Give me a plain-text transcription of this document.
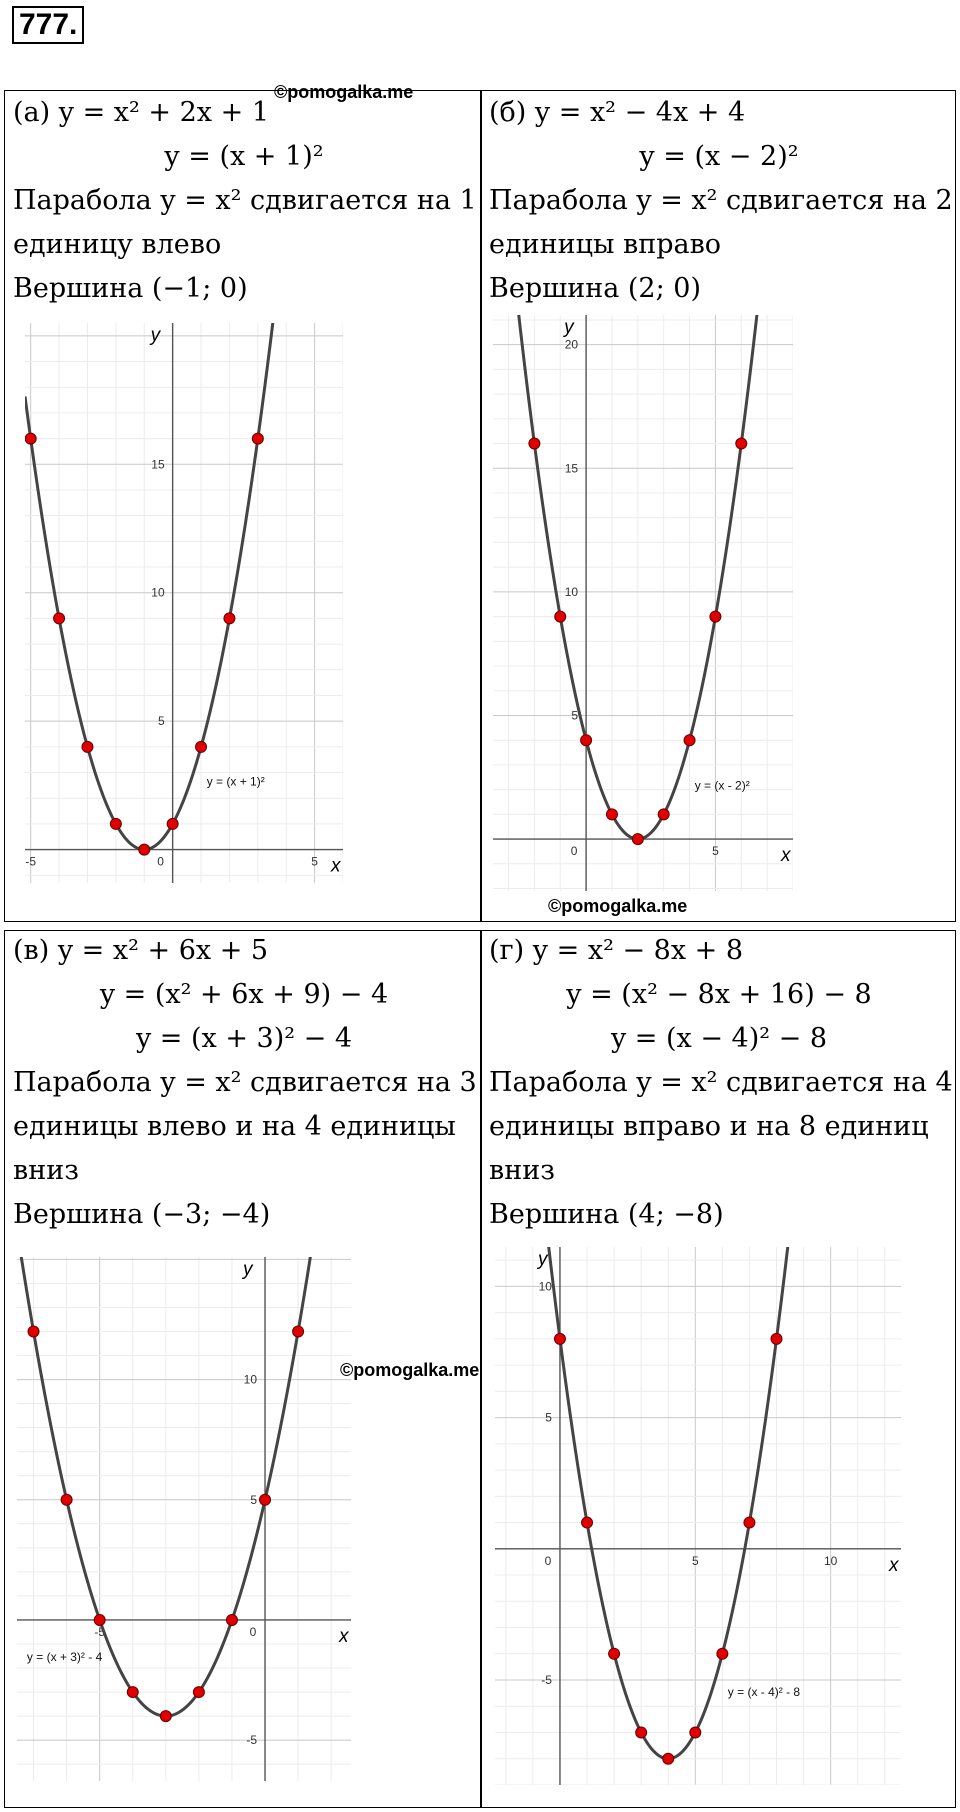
777.
(а) y = x² + 2x + 1
y = (x + 1)²
Парабола y = x² сдвигается на 1
единицу влево
Вершина (−1; 0)
-5	0	5
5
10
15
x
y
y = (x + 1)²
(б) y = x² − 4x + 4
y = (x − 2)²
Парабола y = x² сдвигается на 2
единицы вправо
Вершина (2; 0)
0	5
5
10
15
20
x
y
y = (x - 2)²
(в) y = x² + 6x + 5
y = (x² + 6x + 9) − 4
y = (x + 3)² − 4
Парабола y = x² сдвигается на 3
единицы влево и на 4 единицы
вниз
Вершина (−3; −4)
-5	0
-5
5
10
x
y
y = (x + 3)² - 4
(г) y = x² − 8x + 8
y = (x² − 8x + 16) − 8
y = (x − 4)² − 8
Парабола y = x² сдвигается на 4
единицы вправо и на 8 единиц
вниз
Вершина (4; −8)
0	5	10
-5
5
10
x
y
y = (x - 4)² - 8
©pomogalka.me
©pomogalka.me
©pomogalka.me
